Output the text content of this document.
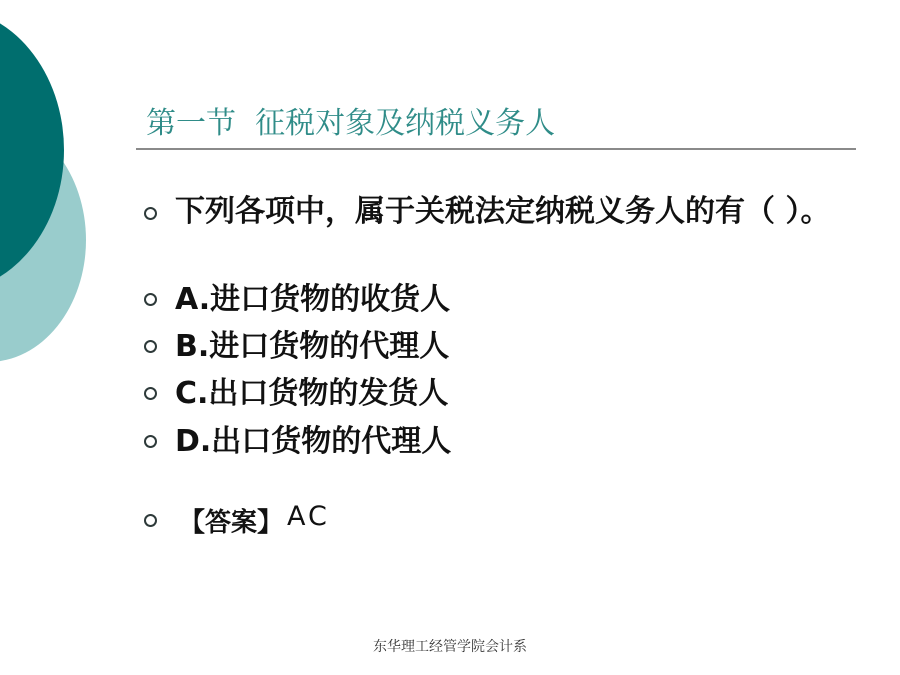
第一节  征税对象及纳税义务人
下列各项中，属于关税法定纳税义务人的有（ ）。
A.进口货物的收货人
B.进口货物的代理人
C.出口货物的发货人
D.出口货物的代理人
【答案】 AC
东华理工经管学院会计系
